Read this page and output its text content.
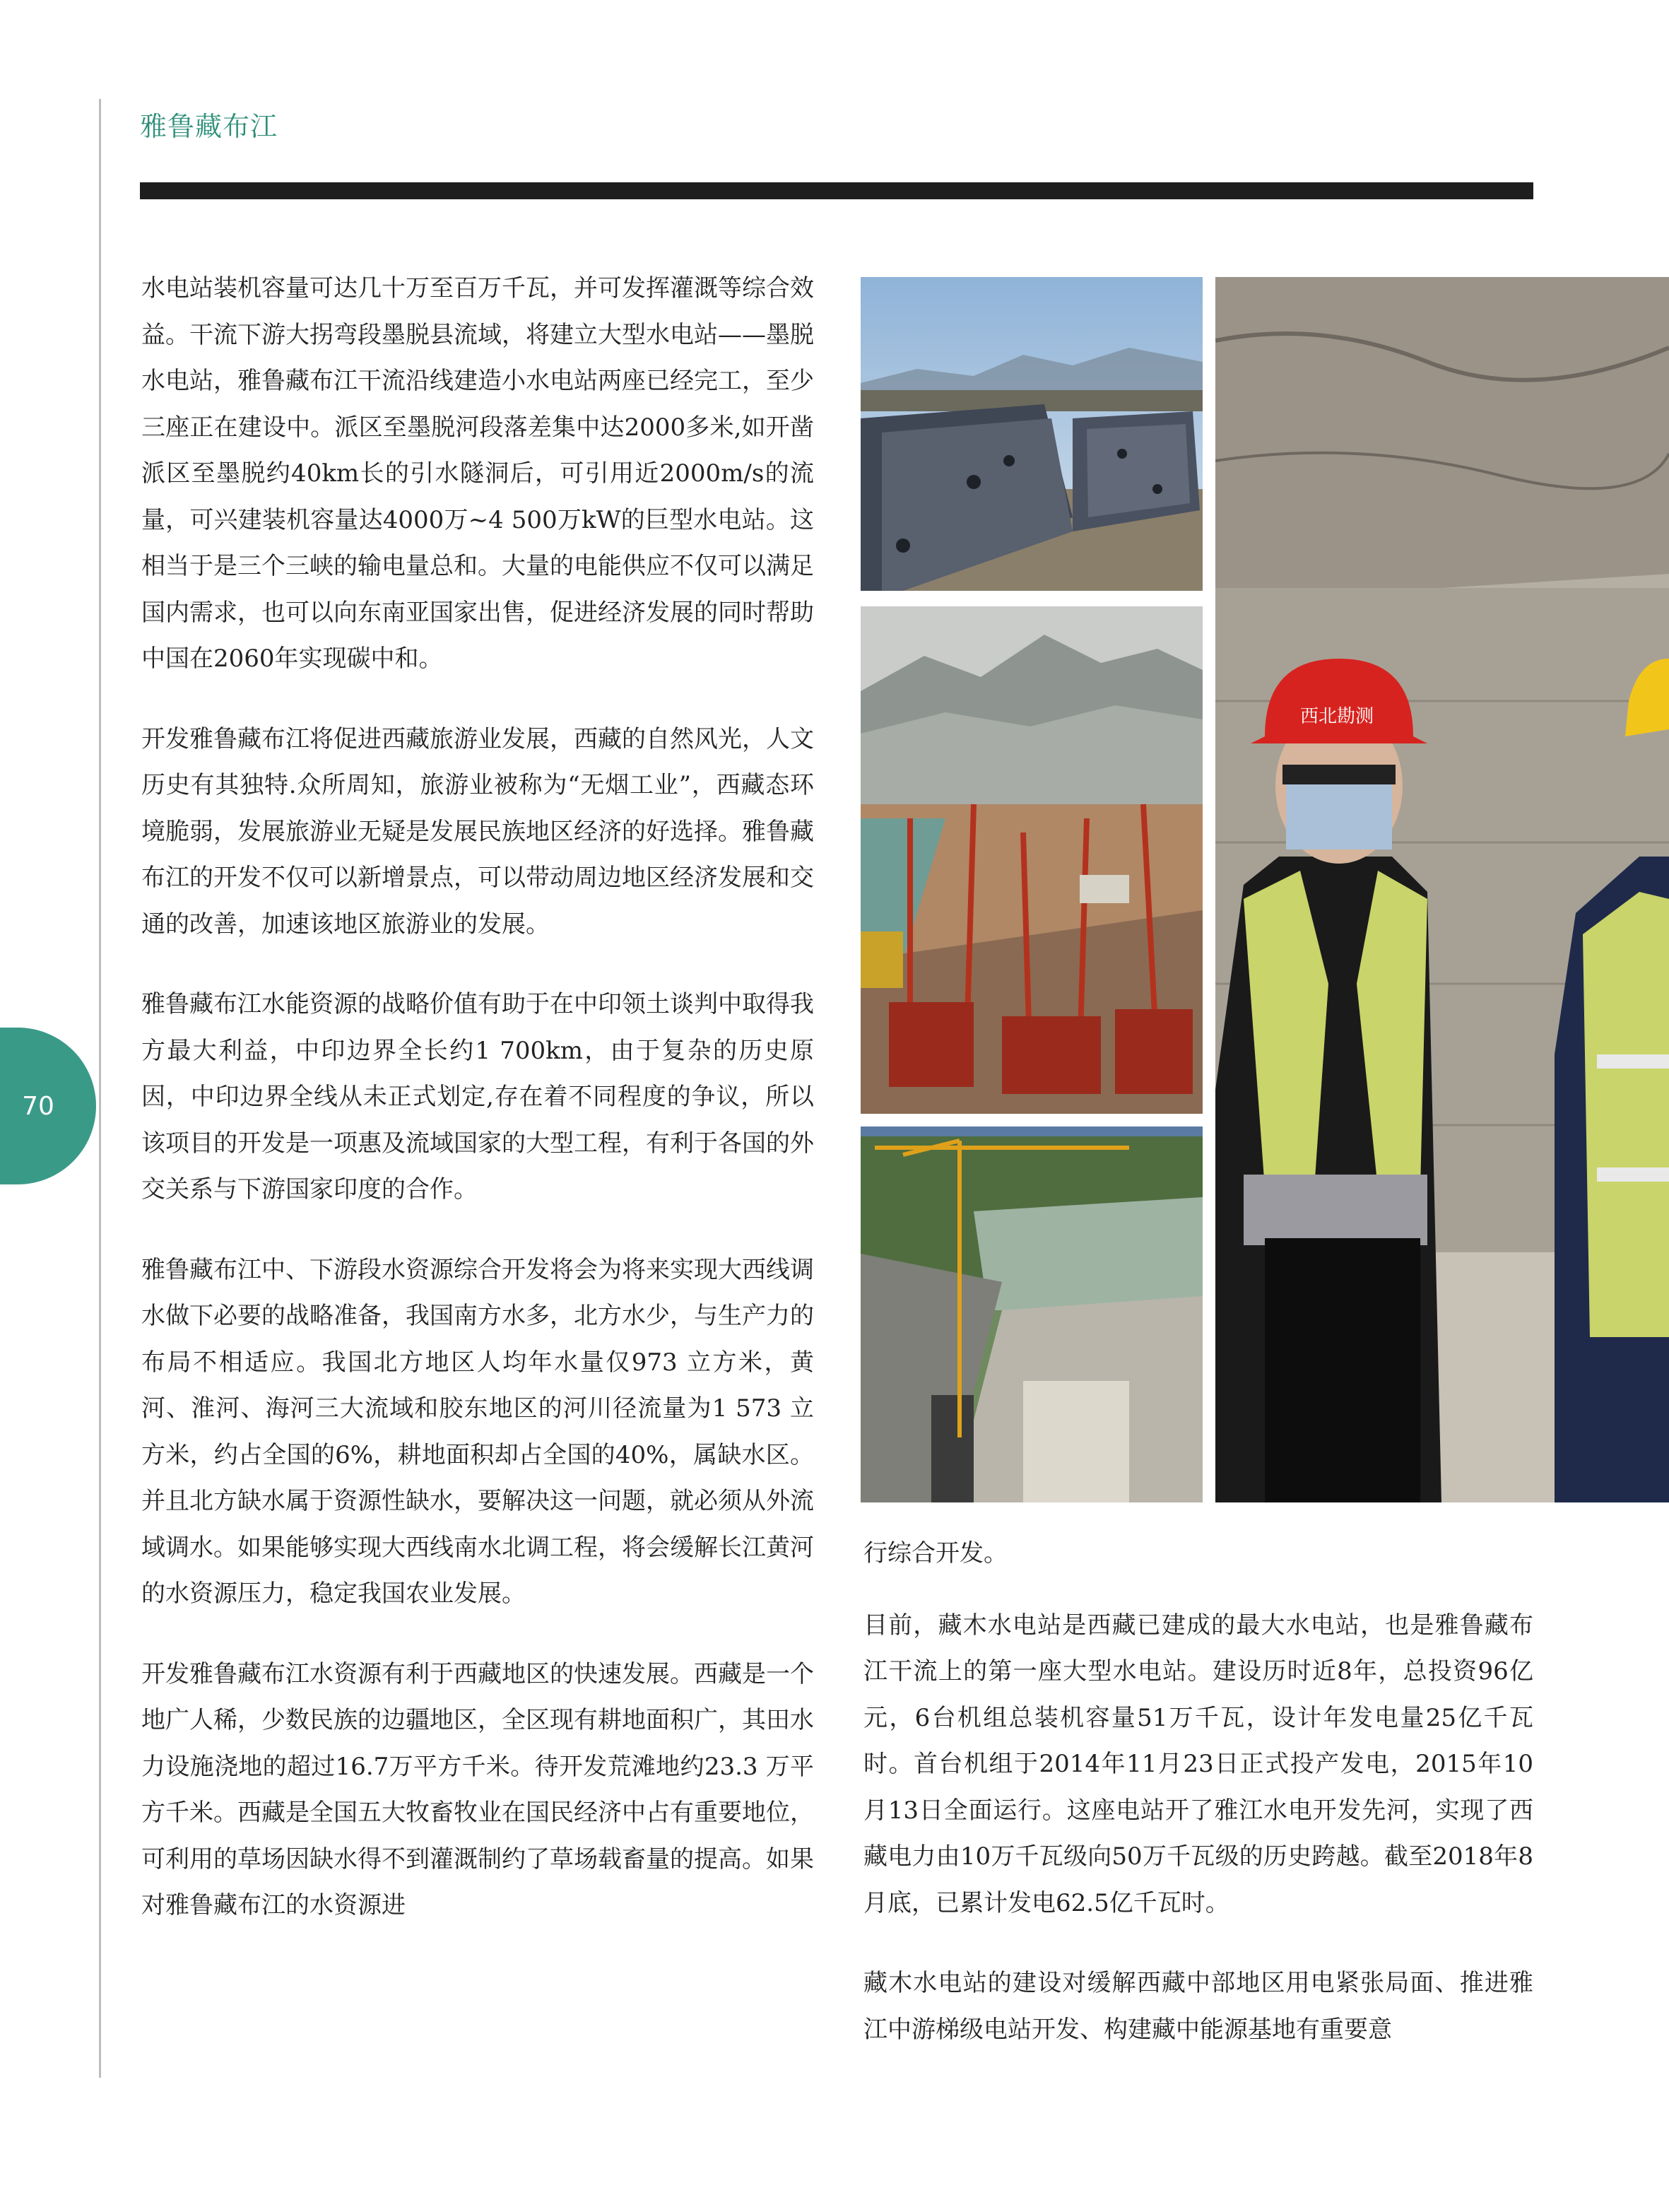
雅鲁藏布江
70

水电站装机容量可达几十万至百万千瓦，并可发挥灌溉等综合效益。干流下游大拐弯段墨脱县流域，将建立大型水电站——墨脱水电站，雅鲁藏布江干流沿线建造小水电站两座已经完工，至少三座正在建设中。派区至墨脱河段落差集中达2000多米,如开凿派区至墨脱约40km长的引水隧洞后，可引用近2000m/s的流量，可兴建装机容量达4000万~4 500万kW的巨型水电站。这相当于是三个三峡的输电量总和。大量的电能供应不仅可以满足国内需求，也可以向东南亚国家出售，促进经济发展的同时帮助中国在2060年实现碳中和。

开发雅鲁藏布江将促进西藏旅游业发展，西藏的自然风光，人文历史有其独特.众所周知，旅游业被称为“无烟工业”，西藏态环境脆弱，发展旅游业无疑是发展民族地区经济的好选择。雅鲁藏布江的开发不仅可以新增景点，可以带动周边地区经济发展和交通的改善，加速该地区旅游业的发展。

雅鲁藏布江水能资源的战略价值有助于在中印领土谈判中取得我方最大利益，中印边界全长约1 700km，由于复杂的历史原因，中印边界全线从未正式划定,存在着不同程度的争议，所以该项目的开发是一项惠及流域国家的大型工程，有利于各国的外交关系与下游国家印度的合作。

雅鲁藏布江中、下游段水资源综合开发将会为将来实现大西线调水做下必要的战略准备，我国南方水多，北方水少，与生产力的布局不相适应。我国北方地区人均年水量仅973 立方米，黄河、淮河、海河三大流域和胶东地区的河川径流量为1 573 立方米，约占全国的6%，耕地面积却占全国的40%，属缺水区。并且北方缺水属于资源性缺水，要解决这一问题，就必须从外流域调水。如果能够实现大西线南水北调工程，将会缓解长江黄河的水资源压力，稳定我国农业发展。

开发雅鲁藏布江水资源有利于西藏地区的快速发展。西藏是一个地广人稀，少数民族的边疆地区，全区现有耕地面积广，其田水力设施浇地的超过16.7万平方千米。待开发荒滩地约23.3 万平方千米。西藏是全国五大牧畜牧业在国民经济中占有重要地位，可利用的草场因缺水得不到灌溉制约了草场载畜量的提高。如果对雅鲁藏布江的水资源进

西北勘测

行综合开发。

目前，藏木水电站是西藏已建成的最大水电站，也是雅鲁藏布江干流上的第一座大型水电站。建设历时近8年，总投资96亿元，6台机组总装机容量51万千瓦，设计年发电量25亿千瓦时。首台机组于2014年11月23日正式投产发电，2015年10月13日全面运行。这座电站开了雅江水电开发先河，实现了西藏电力由10万千瓦级向50万千瓦级的历史跨越。截至2018年8月底，已累计发电62.5亿千瓦时。

藏木水电站的建设对缓解西藏中部地区用电紧张局面、推进雅江中游梯级电站开发、构建藏中能源基地有重要意
